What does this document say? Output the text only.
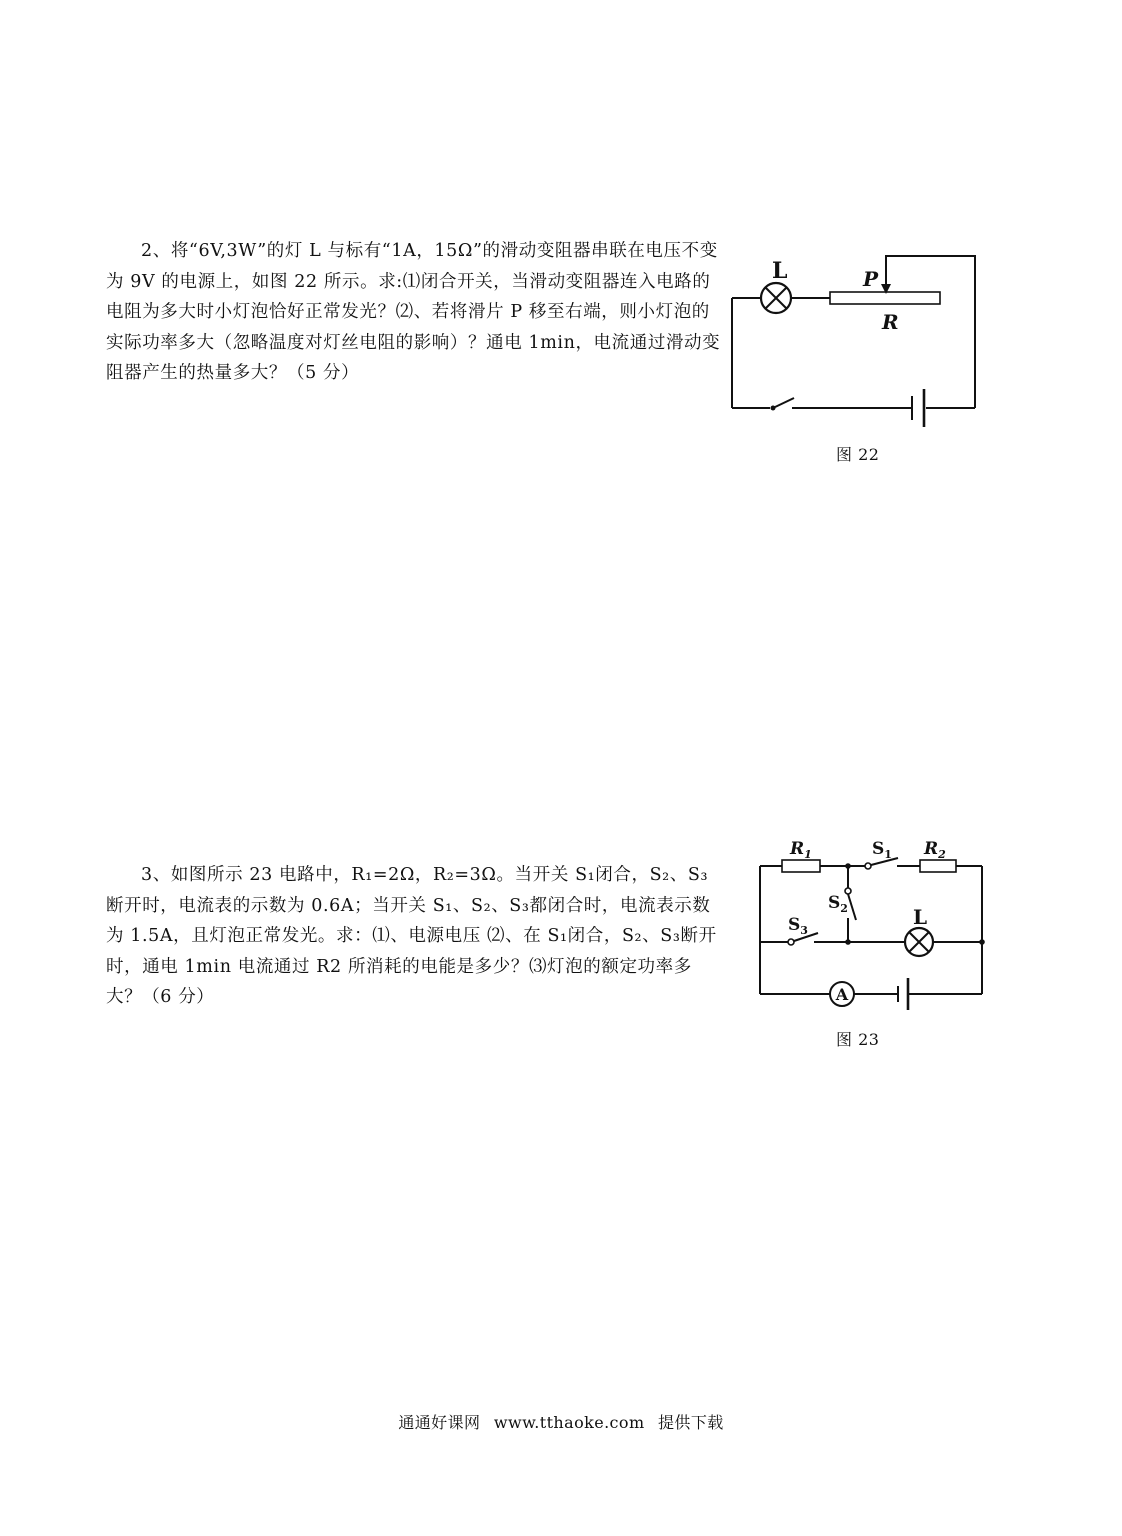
2、将“6V,3W”的灯 L 与标有“1A，15Ω”的滑动变阻器串联在电压不变为 9V 的电源上，如图 22 所示。求:⑴闭合开关，当滑动变阻器连入电路的电阻为多大时小灯泡恰好正常发光？⑵、若将滑片 P 移至右端，则小灯泡的实际功率多大（忽略温度对灯丝电阻的影响）？通电 1min，电流通过滑动变阻器产生的热量多大？（5 分）

L	P
R
图 22

3、如图所示 23 电路中，R₁=2Ω，R₂=3Ω。当开关 S₁闭合，S₂、S₃断开时，电流表的示数为 0.6A；当开关 S₁、S₂、S₃都闭合时，电流表示数为 1.5A，且灯泡正常发光。求：⑴、电源电压 ⑵、在 S₁闭合，S₂、S₃断开时，通电 1min 电流通过 R2 所消耗的电能是多少？⑶灯泡的额定功率多大？（6 分）	A
$R_1$	$S_1$ $R_2$
$S_2$
$S_3$
L
图 23
通通好课网 www.tthaoke.com 提供下载
